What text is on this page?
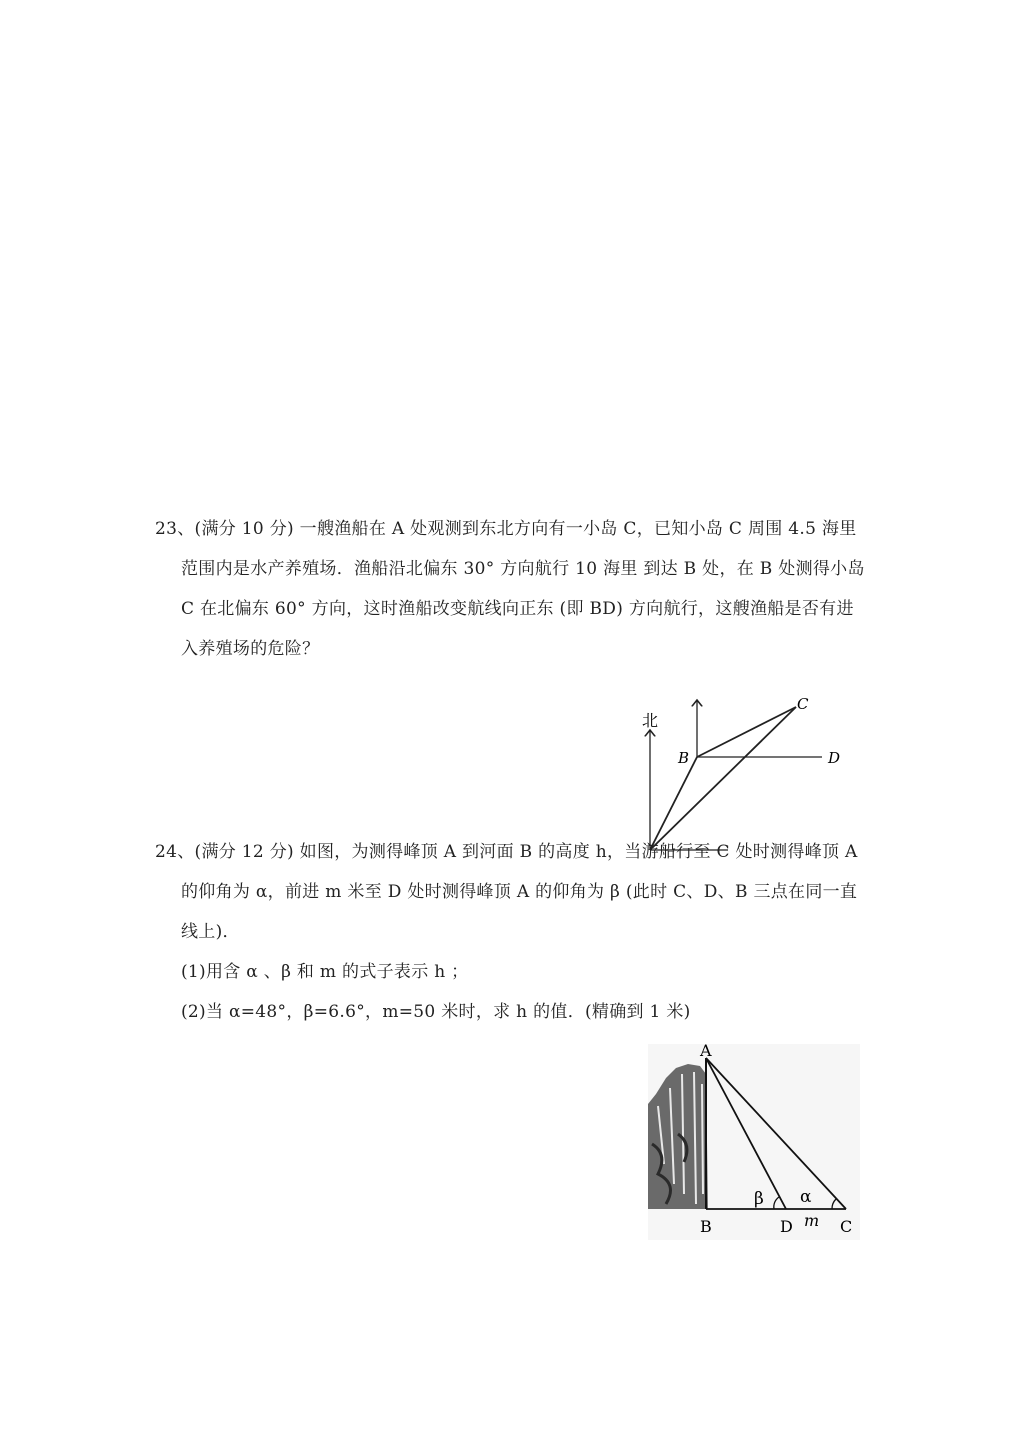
23、(满分 10 分) 一艘渔船在 A 处观测到东北方向有一小岛 C，已知小岛 C 周围 4.5 海里

范围内是水产养殖场．渔船沿北偏东 30° 方向航行 10 海里 到达 B 处，在 B 处测得小岛

C 在北偏东 60° 方向，这时渔船改变航线向正东 (即 BD) 方向航行，这艘渔船是否有进

入养殖场的危险？

北
B
C
D

24、(满分 12 分) 如图，为测得峰顶 A 到河面 B 的高度 h，当游船行至 C 处时测得峰顶 A

的仰角为 α，前进 m 米至 D 处时测得峰顶 A 的仰角为 β (此时 C、D、B 三点在同一直

线上)．

(1)用含 α 、β 和 m 的式子表示 h ；

(2)当 α=48°，β=6.6°，m=50 米时，求 h 的值．(精确到 1 米)

A
B	D	C
β α
m
